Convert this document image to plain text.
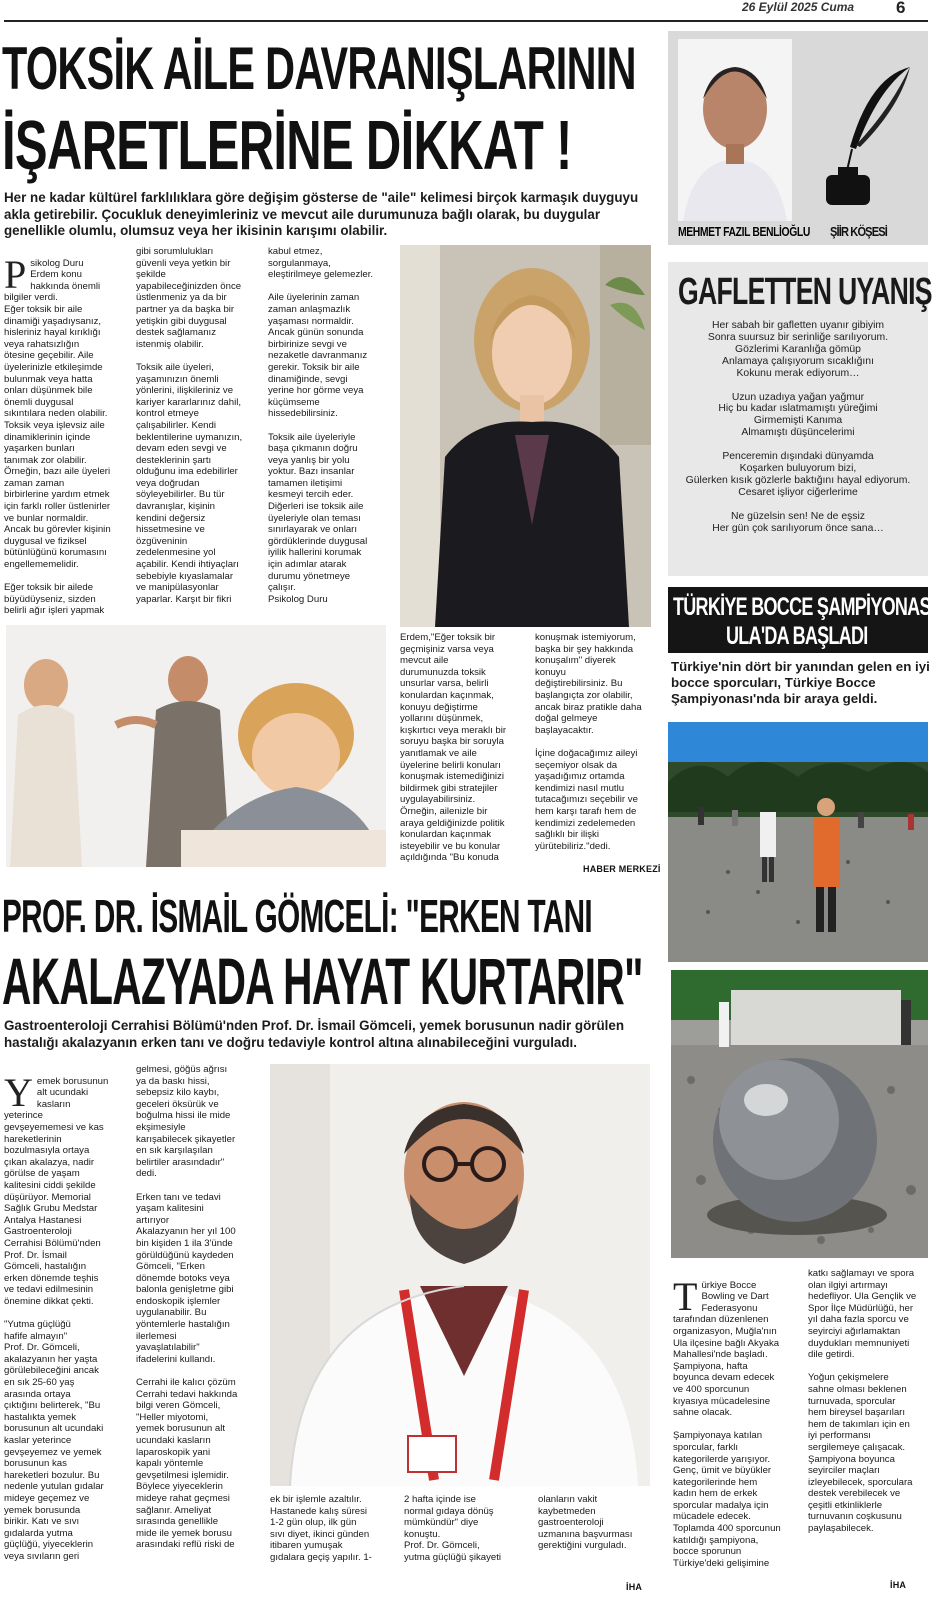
26 Eylül 2025 Cuma 6
TOKSİK AİLE DAVRANIŞLARININ
İŞARETLERİNE DİKKAT !
Her ne kadar kültürel farklılıklara göre değişim gösterse de "aile" kelimesi birçok karmaşık duyguyu akla getirebilir. Çocukluk deneyimleriniz ve mevcut aile durumunuza bağlı olarak, bu duygular genellikle olumlu, olumsuz veya her ikisinin karışımı olabilir.

Psikolog Duru
Erdem konu
hakkında önemli
bilgiler verdi.
Eğer toksik bir aile
dinamiği yaşadıysanız,
hisleriniz hayal kırıklığı
veya rahatsızlığın
ötesine geçebilir. Aile
üyelerinizle etkileşimde
bulunmak veya hatta
onları düşünmek bile
önemli duygusal
sıkıntılara neden olabilir.
Toksik veya işlevsiz aile
dinamiklerinin içinde
yaşarken bunları
tanımak zor olabilir.
Örneğin, bazı aile üyeleri
zaman zaman
birbirlerine yardım etmek
için farklı roller üstlenirler
ve bunlar normaldir.
Ancak bu görevler kişinin
duygusal ve fiziksel
bütünlüğünü korumasını
engellememelidir.

Eğer toksik bir ailede
büyüdüyseniz, sizden
belirli ağır işleri yapmak

gibi sorumlulukları
güvenli veya yetkin bir
şekilde
yapabileceğinizden önce
üstlenmeniz ya da bir
partner ya da başka bir
yetişkin gibi duygusal
destek sağlamanız
istenmiş olabilir.

Toksik aile üyeleri,
yaşamınızın önemli
yönlerini, ilişkileriniz ve
kariyer kararlarınız dahil,
kontrol etmeye
çalışabilirler. Kendi
beklentilerine uymanızın,
devam eden sevgi ve
desteklerinin şartı
olduğunu ima edebilirler
veya doğrudan
söyleyebilirler. Bu tür
davranışlar, kişinin
kendini değersiz
hissetmesine ve
özgüveninin
zedelenmesine yol
açabilir. Kendi ihtiyaçları
sebebiyle kıyaslamalar
ve manipülasyonlar
yaparlar. Karşıt bir fikri
kabul etmez,
sorgulanmaya,
eleştirilmeye gelemezler.

Aile üyelerinin zaman
zaman anlaşmazlık
yaşaması normaldir.
Ancak günün sonunda
birbirinize sevgi ve
nezaketle davranmanız
gerekir. Toksik bir aile
dinamiğinde, sevgi
yerine hor görme veya
küçümseme
hissedebilirsiniz.

Toksik aile üyeleriyle
başa çıkmanın doğru
veya yanlış bir yolu
yoktur. Bazı insanlar
tamamen iletişimi
kesmeyi tercih eder.
Diğerleri ise toksik aile
üyeleriyle olan teması
sınırlayarak ve onları
gördüklerinde duygusal
iyilik hallerini korumak
için adımlar atarak
durumu yönetmeye
çalışır.
Psikolog Duru
Erdem,"Eğer toksik bir
geçmişiniz varsa veya
mevcut aile
durumunuzda toksik
unsurlar varsa, belirli
konulardan kaçınmak,
konuyu değiştirme
yollarını düşünmek,
kışkırtıcı veya meraklı bir
soruyu başka bir soruyla
yanıtlamak ve aile
üyelerine belirli konuları
konuşmak istemediğinizi
bildirmek gibi stratejiler
uygulayabilirsiniz.
Örneğin, ailenizle bir
araya geldiğinizde politik
konulardan kaçınmak
isteyebilir ve bu konular
açıldığında "Bu konuda
konuşmak istemiyorum,
başka bir şey hakkında
konuşalım" diyerek
konuyu
değiştirebilirsiniz. Bu
başlangıçta zor olabilir,
ancak biraz pratikle daha
doğal gelmeye
başlayacaktır.

İçine doğacağımız aileyi
seçemiyor olsak da
yaşadığımız ortamda
kendimizi nasıl mutlu
tutacağımızı seçebilir ve
hem karşı tarafı hem de
kendimizi zedelemeden
sağlıklı bir ilişki
yürütebiliriz."dedi.
HABER MERKEZİ
MEHMET FAZIL BENLİOĞLU ŞİİR KÖŞESİ
GAFLETTEN UYANIŞ
Her sabah bir gafletten uyanır gibiyim
Sonra suursuz bir serinliğe sarılıyorum.
Gözlerimi Karanlığa gömüp
Anlamaya çalışıyorum sıcaklığını
Kokunu merak ediyorum…
Uzun uzadıya yağan yağmur
Hiç bu kadar ıslatmamıştı yüreğimi
Girmemişti Kanıma
Almamıştı düşüncelerimi
Penceremin dışındaki dünyamda
Koşarken buluyorum bizi,
Gülerken kısık gözlerle baktığını hayal ediyorum.
Cesaret işliyor ciğerlerime
Ne güzelsin sen! Ne de eşsiz
Her gün çok sarılıyorum önce sana…
TÜRKİYE BOCCE ŞAMPİYONASI
ULA'DA BAŞLADI
Türkiye'nin dört bir yanından gelen en iyi bocce sporcuları, Türkiye Bocce Şampiyonası'nda bir araya geldi.

Türkiye Bocce
Bowling ve Dart
Federasyonu
tarafından düzenlenen
organizasyon, Muğla'nın
Ula ilçesine bağlı Akyaka
Mahallesi'nde başladı.
Şampiyona, hafta
boyunca devam edecek
ve 400 sporcunun
kıyasıya mücadelesine
sahne olacak.

Şampiyonaya katılan
sporcular, farklı
kategorilerde yarışıyor.
Genç, ümit ve büyükler
kategorilerinde hem
kadın hem de erkek
sporcular madalya için
mücadele edecek.
Toplamda 400 sporcunun
katıldığı şampiyona,
bocce sporunun
Türkiye'deki gelişimine

katkı sağlamayı ve spora
olan ilgiyi artırmayı
hedefliyor. Ula Gençlik ve
Spor İlçe Müdürlüğü, her
yıl daha fazla sporcu ve
seyirciyi ağırlamaktan
duydukları memnuniyeti
dile getirdi.

Yoğun çekişmelere
sahne olması beklenen
turnuvada, sporcular
hem bireysel başarıları
hem de takımları için en
iyi performansı
sergilemeye çalışacak.
Şampiyona boyunca
seyirciler maçları
izleyebilecek, sporculara
destek verebilecek ve
çeşitli etkinliklerle
turnuvanın coşkusunu
paylaşabilecek.
İHA
PROF. DR. İSMAİL GÖMCELİ: "ERKEN TANI
AKALAZYADA HAYAT KURTARIR"
Gastroenteroloji Cerrahisi Bölümü'nden Prof. Dr. İsmail Gömceli, yemek borusunun nadir görülen hastalığı akalazyanın erken tanı ve doğru tedaviyle kontrol altına alınabileceğini vurguladı.

Yemek borusunun
alt ucundaki
kasların
yeterince
gevşeyememesi ve kas
hareketlerinin
bozulmasıyla ortaya
çıkan akalazya, nadir
görülse de yaşam
kalitesini ciddi şekilde
düşürüyor. Memorial
Sağlık Grubu Medstar
Antalya Hastanesi
Gastroenteroloji
Cerrahisi Bölümü'nden
Prof. Dr. İsmail
Gömceli, hastalığın
erken dönemde teşhis
ve tedavi edilmesinin
önemine dikkat çekti.

"Yutma güçlüğü
hafife almayın"
Prof. Dr. Gömceli,
akalazyanın her yaşta
görülebileceğini ancak
en sık 25-60 yaş
arasında ortaya
çıktığını belirterek, "Bu
hastalıkta yemek
borusunun alt ucundaki
kaslar yeterince
gevşeyemez ve yemek
borusunun kas
hareketleri bozulur. Bu
nedenle yutulan gıdalar
mideye geçemez ve
yemek borusunda
birikir. Katı ve sıvı
gıdalarda yutma
güçlüğü, yiyeceklerin
veya sıvıların geri

gelmesi, göğüs ağrısı
ya da baskı hissi,
sebepsiz kilo kaybı,
geceleri öksürük ve
boğulma hissi ile mide
ekşimesiyle
karışabilecek şikayetler
en sık karşılaşılan
belirtiler arasındadır"
dedi.

Erken tanı ve tedavi
yaşam kalitesini
artırıyor
Akalazyanın her yıl 100
bin kişiden 1 ila 3'ünde
görüldüğünü kaydeden
Gömceli, "Erken
dönemde botoks veya
balonla genişletme gibi
endoskopik işlemler
uygulanabilir. Bu
yöntemlerle hastalığın
ilerlemesi
yavaşlatılabilir"
ifadelerini kullandı.

Cerrahi ile kalıcı çözüm
Cerrahi tedavi hakkında
bilgi veren Gömceli,
"Heller miyotomi,
yemek borusunun alt
ucundaki kasların
laparoskopik yani
kapalı yöntemle
gevşetilmesi işlemidir.
Böylece yiyeceklerin
mideye rahat geçmesi
sağlanır. Ameliyat
sırasında genellikle
mide ile yemek borusu
arasındaki reflü riski de
ek bir işlemle azaltılır.
Hastanede kalış süresi
1-2 gün olup, ilk gün
sıvı diyet, ikinci günden
itibaren yumuşak
gıdalara geçiş yapılır. 1-
2 hafta içinde ise
normal gıdaya dönüş
mümkündür" diye
konuştu.
Prof. Dr. Gömceli,
yutma güçlüğü şikayeti
olanların vakit
kaybetmeden
gastroenteroloji
uzmanına başvurması
gerektiğini vurguladı.
İHA
